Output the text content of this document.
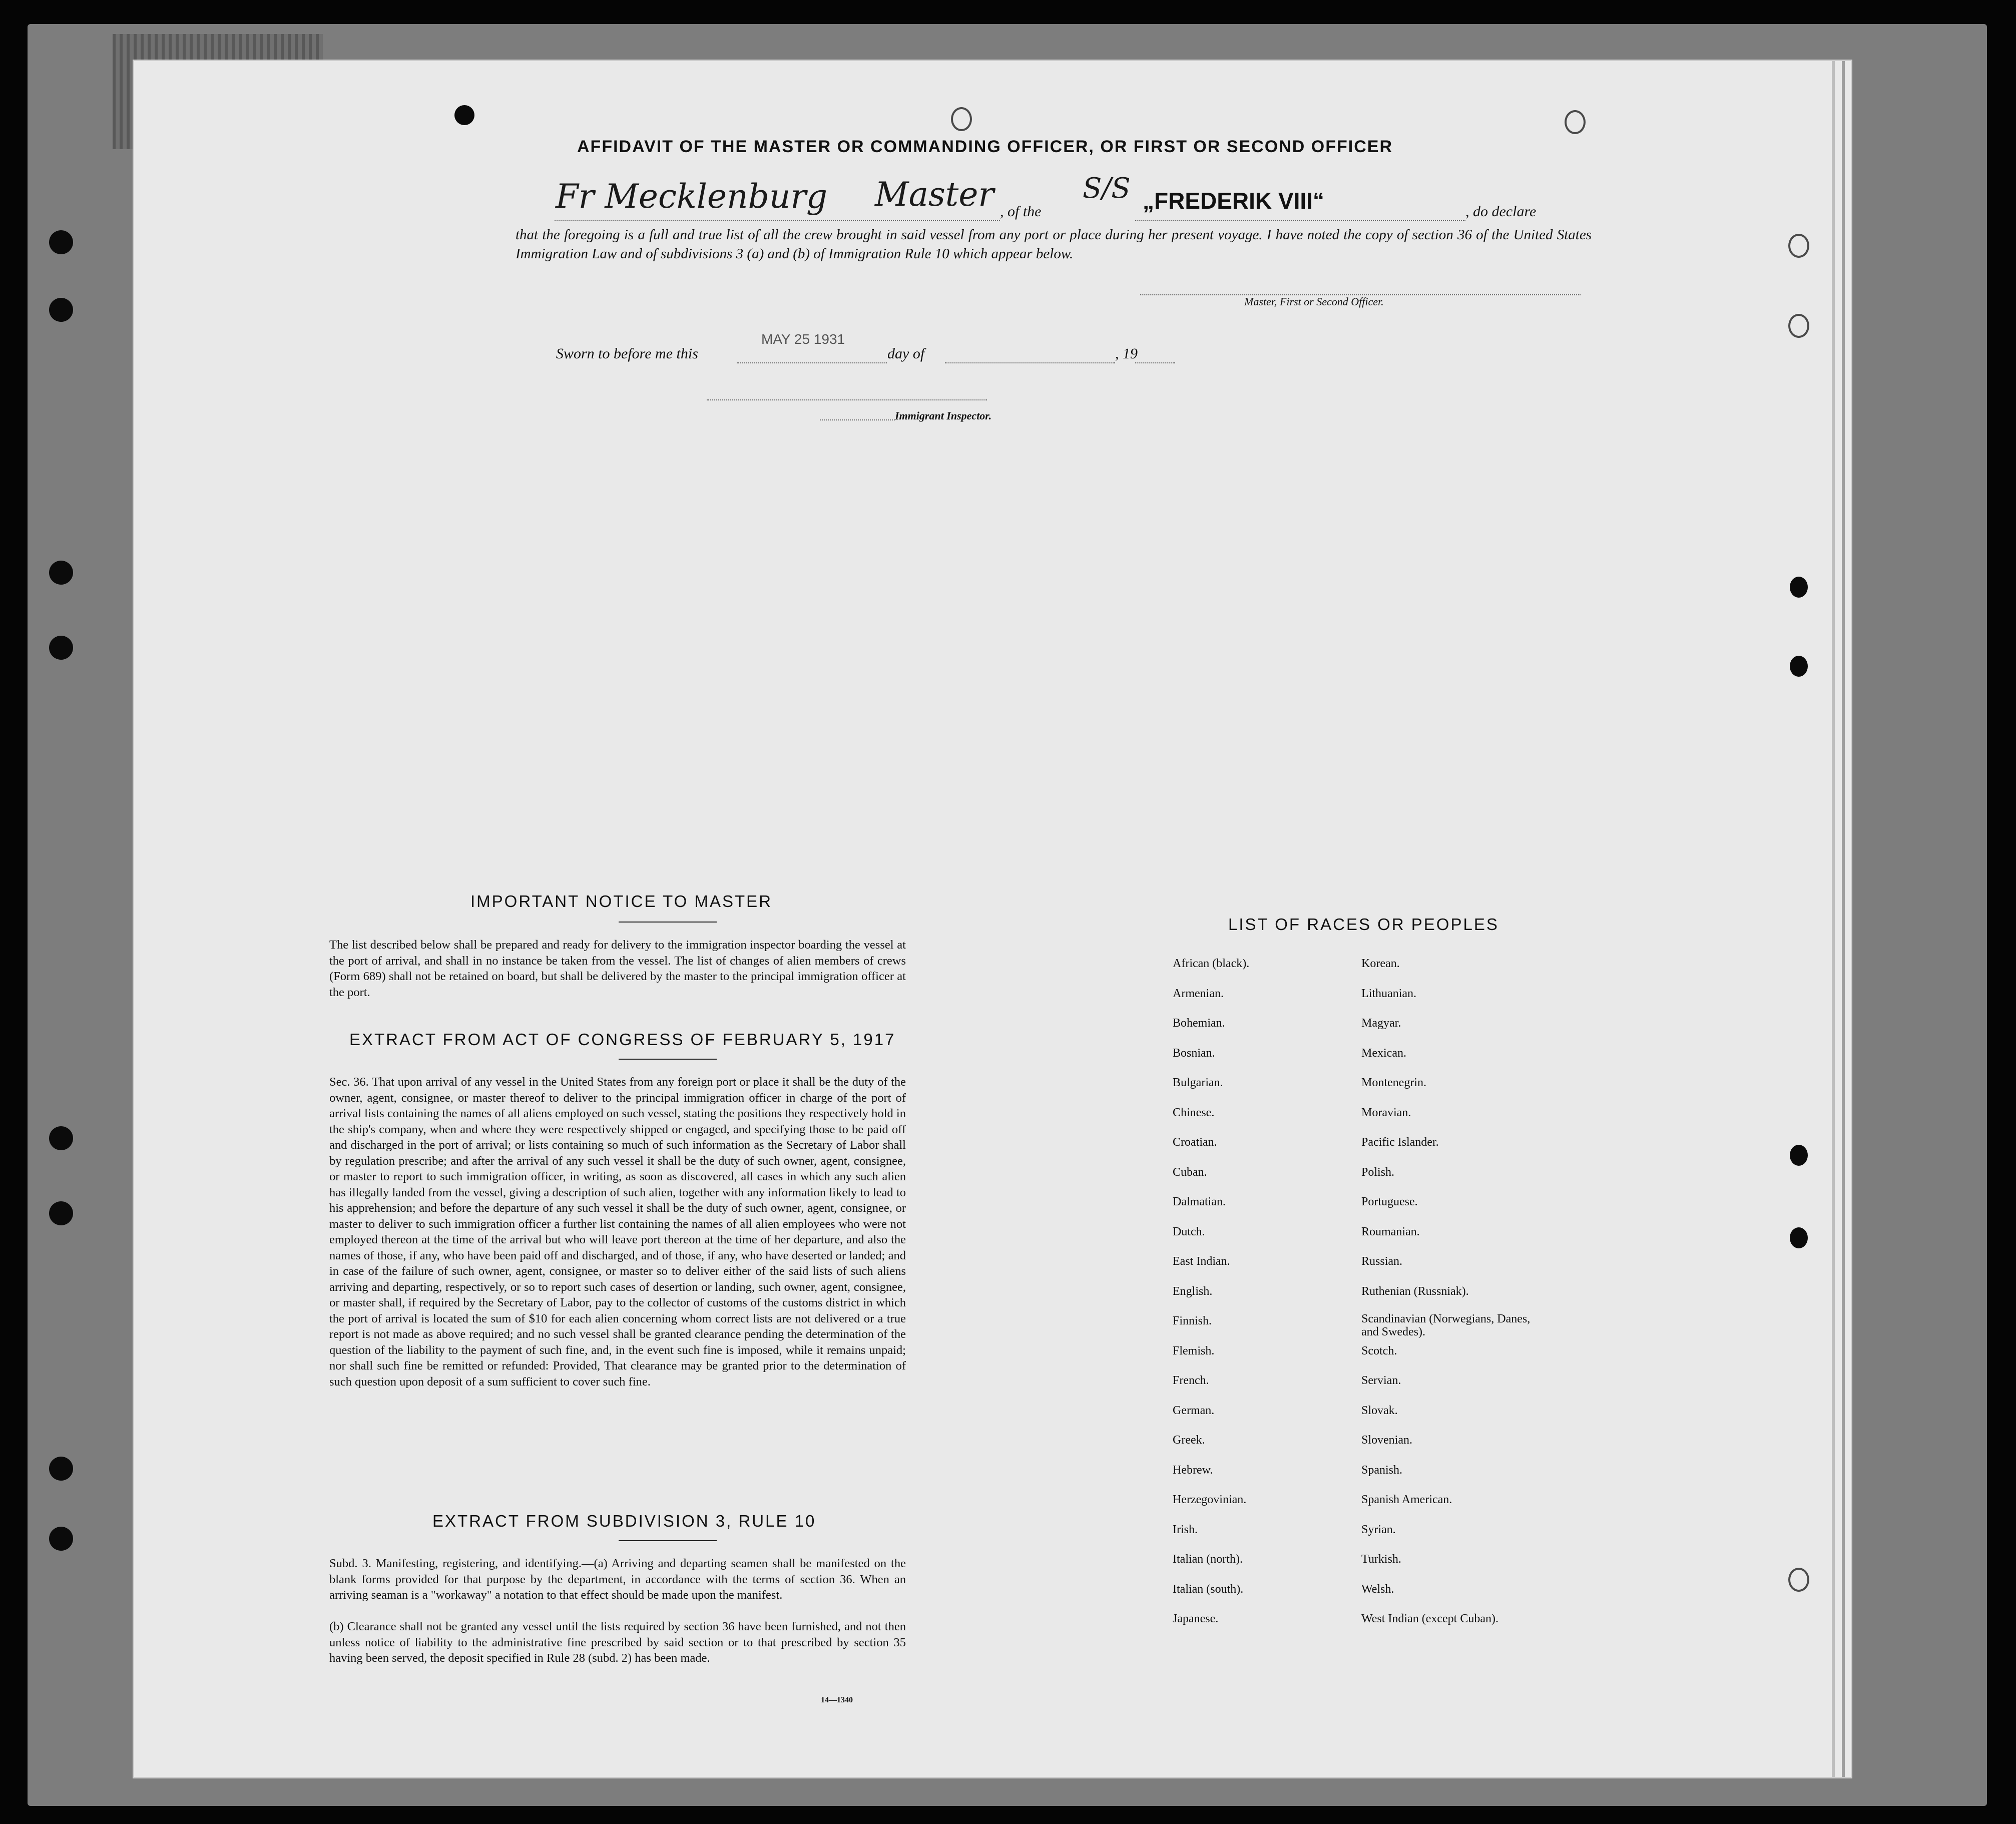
AFFIDAVIT OF THE MASTER OR COMMANDING OFFICER, OR FIRST OR SECOND OFFICER
Fr Mecklenburg Master , of the
S/S „FREDERIK VIII“	, do declare
that the foregoing is a full and true list of all the crew brought in said vessel from any port or place during her present voyage. I have noted the copy of section 36 of the United States Immigration Law and of subdivisions 3 (a) and (b) of Immigration Rule 10 which appear below.
Master, First or Second Officer.
Sworn to before me this
MAY 25 1931
day of	, 19
Immigrant Inspector.
IMPORTANT NOTICE TO MASTER
The list described below shall be prepared and ready for delivery to the immigration inspector boarding the vessel at the port of arrival, and shall in no instance be taken from the vessel. The list of changes of alien members of crews (Form 689) shall not be retained on board, but shall be delivered by the master to the principal immigration officer at the port.
EXTRACT FROM ACT OF CONGRESS OF FEBRUARY 5, 1917
Sec. 36. That upon arrival of any vessel in the United States from any foreign port or place it shall be the duty of the owner, agent, consignee, or master thereof to deliver to the principal immigration officer in charge of the port of arrival lists containing the names of all aliens employed on such vessel, stating the positions they respectively hold in the ship's company, when and where they were respectively shipped or engaged, and specifying those to be paid off and discharged in the port of arrival; or lists containing so much of such information as the Secretary of Labor shall by regulation prescribe; and after the arrival of any such vessel it shall be the duty of such owner, agent, consignee, or master to report to such immigration officer, in writing, as soon as discovered, all cases in which any such alien has illegally landed from the vessel, giving a description of such alien, together with any information likely to lead to his apprehension; and before the departure of any such vessel it shall be the duty of such owner, agent, consignee, or master to deliver to such immigration officer a further list containing the names of all alien employees who were not employed thereon at the time of the arrival but who will leave port thereon at the time of her departure, and also the names of those, if any, who have been paid off and discharged, and of those, if any, who have deserted or landed; and in case of the failure of such owner, agent, consignee, or master so to deliver either of the said lists of such aliens arriving and departing, respectively, or so to report such cases of desertion or landing, such owner, agent, consignee, or master shall, if required by the Secretary of Labor, pay to the collector of customs of the customs district in which the port of arrival is located the sum of $10 for each alien concerning whom correct lists are not delivered or a true report is not made as above required; and no such vessel shall be granted clearance pending the determination of the question of the liability to the payment of such fine, and, in the event such fine is imposed, while it remains unpaid; nor shall such fine be remitted or refunded: Provided, That clearance may be granted prior to the determination of such question upon deposit of a sum sufficient to cover such fine.
EXTRACT FROM SUBDIVISION 3, RULE 10
Subd. 3. Manifesting, registering, and identifying.—(a) Arriving and departing seamen shall be manifested on the blank forms provided for that purpose by the department, in accordance with the terms of section 36. When an arriving seaman is a "workaway" a notation to that effect should be made upon the manifest.
(b) Clearance shall not be granted any vessel until the lists required by section 36 have been furnished, and not then unless notice of liability to the administrative fine prescribed by said section or to that prescribed by section 35 having been served, the deposit specified in Rule 28 (subd. 2) has been made.
14—1340
LIST OF RACES OR PEOPLES
African (black).
Armenian.
Bohemian.
Bosnian.
Bulgarian.
Chinese.
Croatian.
Cuban.
Dalmatian.
Dutch.
East Indian.
English.
Finnish.
Flemish.
French.
German.
Greek.
Hebrew.
Herzegovinian.
Irish.
Italian (north).
Italian (south).
Japanese.
Korean.
Lithuanian.
Magyar.
Mexican.
Montenegrin.
Moravian.
Pacific Islander.
Polish.
Portuguese.
Roumanian.
Russian.
Ruthenian (Russniak).
Scandinavian (Norwegians, Danes, and Swedes).
Scotch.
Servian.
Slovak.
Slovenian.
Spanish.
Spanish American.
Syrian.
Turkish.
Welsh.
West Indian (except Cuban).
